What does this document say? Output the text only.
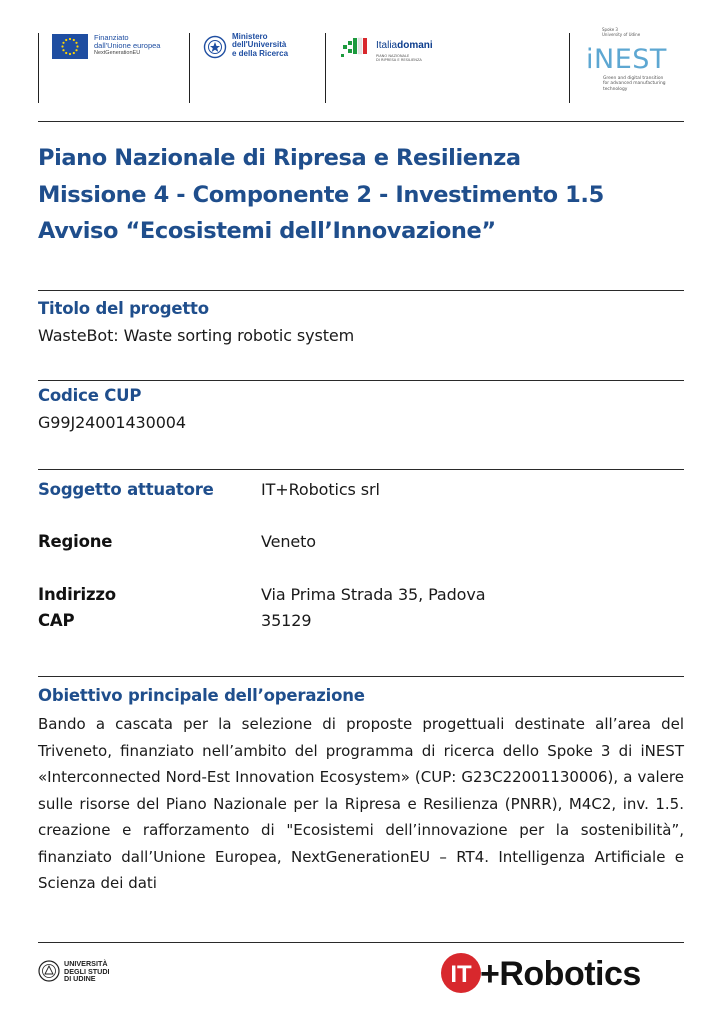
Finanziato
dall'Unione europea
NextGenerationEU
Ministero
dell'Università
e della Ricerca
Italiadomani
PIANO NAZIONALE
DI RIPRESA E RESILIENZA
Spoke 3
University of Udine
iNEST
Green and digital transition
for advanced manufacturing
technology
Piano Nazionale di Ripresa e Resilienza
Missione 4 - Componente 2 - Investimento 1.5
Avviso “Ecosistemi dell’Innovazione”
Titolo del progetto
WasteBot: Waste sorting robotic system
Codice CUP
G99J24001430004
Soggetto attuatore	IT+Robotics srl
Regione	Veneto
Indirizzo	Via Prima Strada 35, Padova
CAP	35129
Obiettivo principale dell’operazione
Bando a cascata per la selezione di proposte progettuali destinate all’area del Triveneto, finanziato nell’ambito del programma di ricerca dello Spoke 3 di iNEST «Interconnected Nord-Est Innovation Ecosystem» (CUP: G23C22001130006), a valere sulle risorse del Piano Nazionale per la Ripresa e Resilienza (PNRR), M4C2, inv. 1.5. creazione e rafforzamento di "Ecosistemi dell’innovazione per la sostenibilità”, finanziato dall’Unione Europea, NextGenerationEU – RT4. Intelligenza Artificiale e Scienza dei dati
UNIVERSITÀ
DEGLI STUDI
DI UDINE	IT +Robotics
